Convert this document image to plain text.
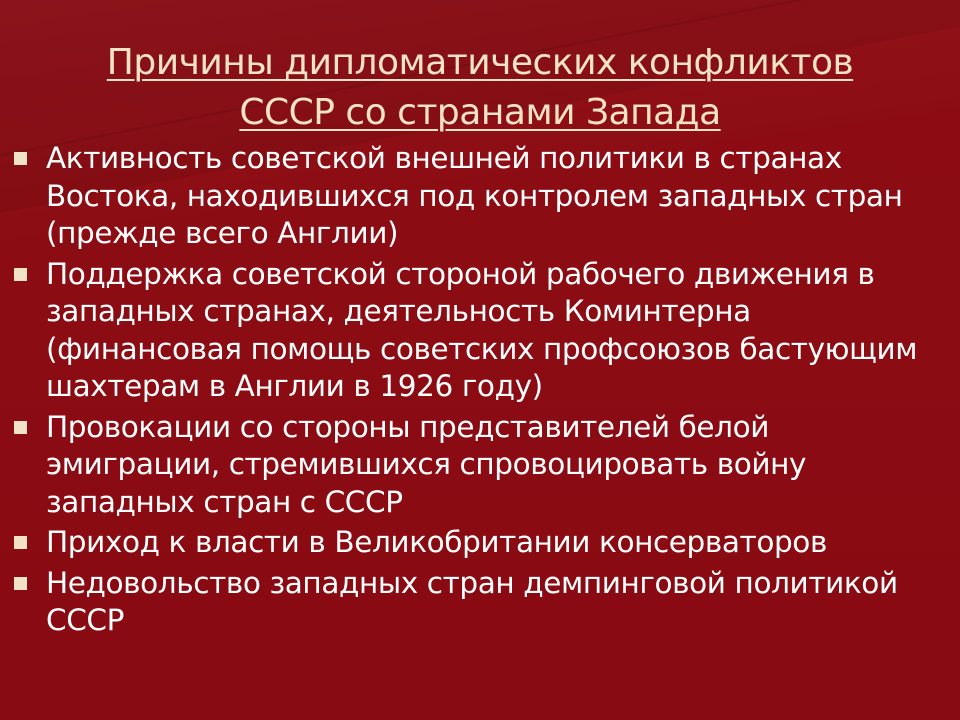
Причины дипломатических конфликтов
СССР со странами Запада
Активность советской внешней политики в странах Востока, находившихся под контролем западных стран (прежде всего Англии)
Поддержка советской стороной рабочего движения в западных странах, деятельность Коминтерна (финансовая помощь советских профсоюзов бастующим шахтерам в Англии в 1926 году)
Провокации со стороны представителей белой эмиграции, стремившихся спровоцировать войну западных стран с СССР
Приход к власти в Великобритании консерваторов
Недовольство западных стран демпинговой политикой СССР
